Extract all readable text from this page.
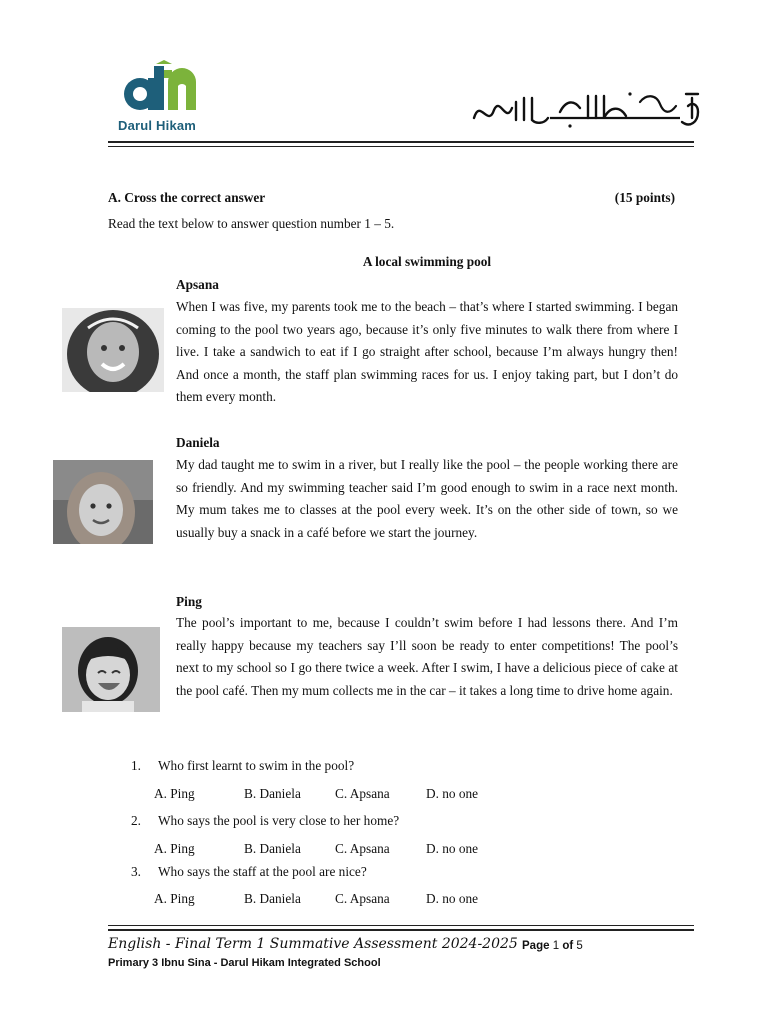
Darul Hikam
A. Cross the correct answer	(15 points)
Read the text below to answer question number 1 – 5.
A local swimming pool
Apsana
When I was five, my parents took me to the beach – that’s where I started swimming. I began coming to the pool two years ago, because it’s only five minutes to walk there from where I live. I take a sandwich to eat if I go straight after school, because I’m always hungry then! And once a month, the staff plan swimming races for us. I enjoy taking part, but I don’t do them every month.
Daniela
My dad taught me to swim in a river, but I really like the pool – the people working there are so friendly. And my swimming teacher said I’m good enough to swim in a race next month. My mum takes me to classes at the pool every week. It’s on the other side of town, so we usually buy a snack in a café before we start the journey.
Ping
The pool’s important to me, because I couldn’t swim before I had lessons there. And I’m really happy because my teachers say I’ll soon be ready to enter competitions! The pool’s next to my school so I go there twice a week. After I swim, I have a delicious piece of cake at the pool café. Then my mum collects me in the car – it takes a long time to drive home again.
1. Who first learnt to swim in the pool?
A. Ping	B. Daniela	C. Apsana	D. no one
2. Who says the pool is very close to her home?
A. Ping	B. Daniela	C. Apsana	D. no one
3. Who says the staff at the pool are nice?
A. Ping	B. Daniela	C. Apsana	D. no one
English - Final Term 1 Summative Assessment 2024-2025 Page 1 of 5
Primary 3 Ibnu Sina - Darul Hikam Integrated School
